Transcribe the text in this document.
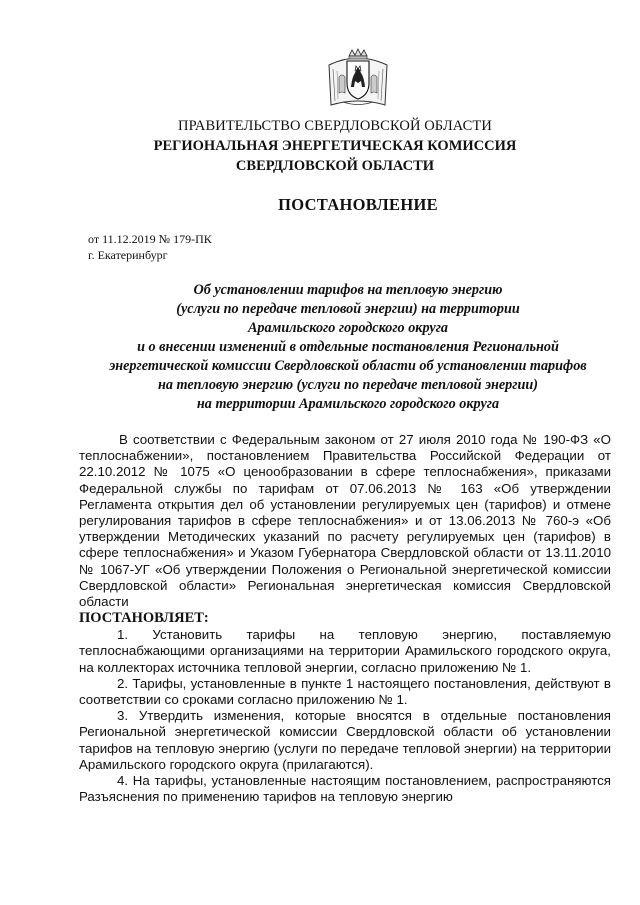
ПРАВИТЕЛЬСТВО СВЕРДЛОВСКОЙ ОБЛАСТИ
РЕГИОНАЛЬНАЯ ЭНЕРГЕТИЧЕСКАЯ КОМИССИЯ
СВЕРДЛОВСКОЙ ОБЛАСТИ
ПОСТАНОВЛЕНИЕ
от 11.12.2019 № 179-ПК
г. Екатеринбург
Об установлении тарифов на тепловую энергию
(услуги по передаче тепловой энергии) на территории
Арамильского городского округа
и о внесении изменений в отдельные постановления Региональной
энергетической комиссии Свердловской области об установлении тарифов
на тепловую энергию (услуги по передаче тепловой энергии)
на территории Арамильского городского округа

В соответствии с Федеральным законом от 27 июля 2010 года № 190-ФЗ «О теплоснабжении», постановлением Правительства Российской Федерации от 22.10.2012 № 1075 «О ценообразовании в сфере теплоснабжения», приказами Федеральной службы по тарифам от 07.06.2013 № 163 «Об утверждении Регламента открытия дел об установлении регулируемых цен (тарифов) и отмене регулирования тарифов в сфере теплоснабжения» и от 13.06.2013 № 760-э «Об утверждении Методических указаний по расчету регулируемых цен (тарифов) в сфере теплоснабжения» и Указом Губернатора Свердловской области от 13.11.2010 № 1067-УГ «Об утверждении Положения о Региональной энергетической комиссии Свердловской области» Региональная энергетическая комиссия Свердловской области

ПОСТАНОВЛЯЕТ:

1. Установить тарифы на тепловую энергию, поставляемую теплоснабжающими организациями на территории Арамильского городского округа, на коллекторах источника тепловой энергии, согласно приложению № 1.

2. Тарифы, установленные в пункте 1 настоящего постановления, действуют в соответствии со сроками согласно приложению № 1.

3. Утвердить изменения, которые вносятся в отдельные постановления Региональной энергетической комиссии Свердловской области об установлении тарифов на тепловую энергию (услуги по передаче тепловой энергии) на территории Арамильского городского округа (прилагаются).

4. На тарифы, установленные настоящим постановлением, распространяются Разъяснения по применению тарифов на тепловую энергию
